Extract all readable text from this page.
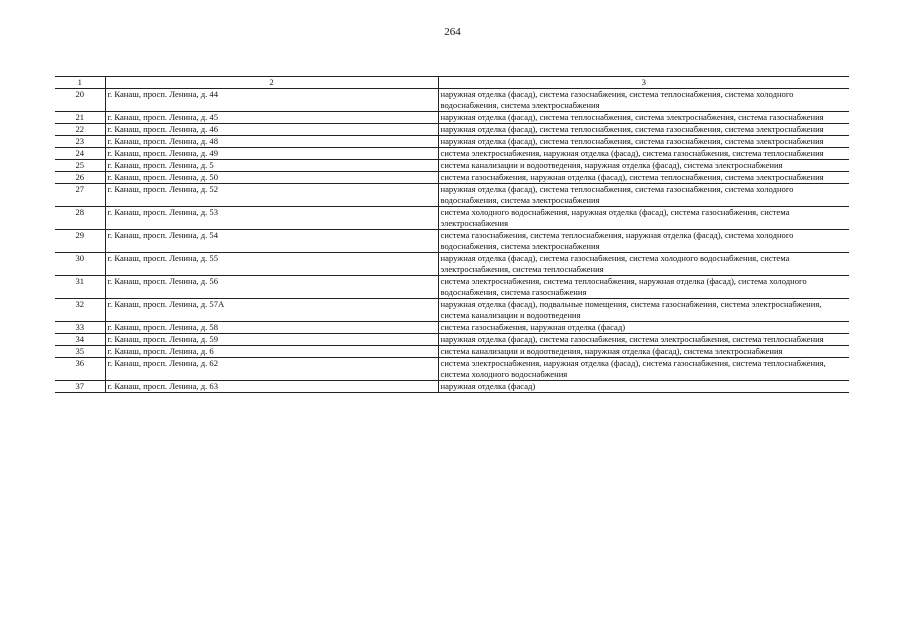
264
1	2	3
20	г. Канаш, просп. Ленина, д. 44	наружная отделка (фасад), система газоснабжения, система теплоснабжения, система холодного водоснабжения, система электроснабжения
21	г. Канаш, просп. Ленина, д. 45	наружная отделка (фасад), система теплоснабжения, система электроснабжения, система газоснабжения
22	г. Канаш, просп. Ленина, д. 46	наружная отделка (фасад), система теплоснабжения, система газоснабжения, система электроснабжения
23	г. Канаш, просп. Ленина, д. 48	наружная отделка (фасад), система теплоснабжения, система газоснабжения, система электроснабжения
24	г. Канаш, просп. Ленина, д. 49	система электроснабжения, наружная отделка (фасад), система газоснабжения, система теплоснабжения
25	г. Канаш, просп. Ленина, д. 5	система канализации и водоотведения, наружная отделка (фасад), система электроснабжения
26	г. Канаш, просп. Ленина, д. 50	система газоснабжения, наружная отделка (фасад), система теплоснабжения, система электроснабжения
27	г. Канаш, просп. Ленина, д. 52	наружная отделка (фасад), система теплоснабжения, система газоснабжения, система холодного водоснабжения, система электроснабжения
28	г. Канаш, просп. Ленина, д. 53	система холодного водоснабжения, наружная отделка (фасад), система газоснабжения, система электроснабжения
29	г. Канаш, просп. Ленина, д. 54	система газоснабжения, система теплоснабжения, наружная отделка (фасад), система холодного водоснабжения, система электроснабжения
30	г. Канаш, просп. Ленина, д. 55	наружная отделка (фасад), система газоснабжения, система холодного водоснабжения, система электроснабжения, система теплоснабжения
31	г. Канаш, просп. Ленина, д. 56	система электроснабжения, система теплоснабжения, наружная отделка (фасад), система холодного водоснабжения, система газоснабжения
32	г. Канаш, просп. Ленина, д. 57А	наружная отделка (фасад), подвальные помещения, система газоснабжения, система электроснабжения, система канализации и водоотведения
33	г. Канаш, просп. Ленина, д. 58	система газоснабжения, наружная отделка (фасад)
34	г. Канаш, просп. Ленина, д. 59	наружная отделка (фасад), система газоснабжения, система электроснабжения, система теплоснабжения
35	г. Канаш, просп. Ленина, д. 6	система канализации и водоотведения, наружная отделка (фасад), система электроснабжения
36	г. Канаш, просп. Ленина, д. 62	система электроснабжения, наружная отделка (фасад), система газоснабжения, система теплоснабжения, система холодного водоснабжения
37	г. Канаш, просп. Ленина, д. 63	наружная отделка (фасад)
